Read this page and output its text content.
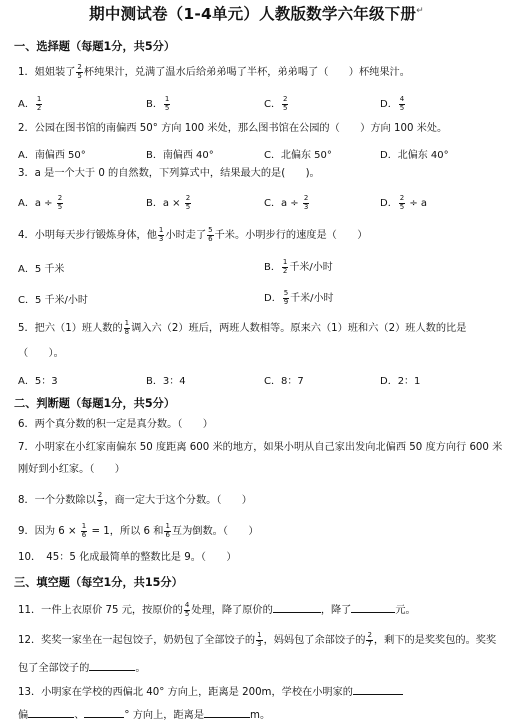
期中测试卷（1-4单元）人教版数学六年级下册↵
一、选择题（每题1分，共5分）
1．姐姐装了 $\frac{2}{5}$ 杯纯果汁，兑满了温水后给弟弟喝了半杯，弟弟喝了（　　）杯纯果汁。
A． $\frac{1}{2}$	B． $\frac{1}{5}$	C． $\frac{2}{5}$	D． $\frac{4}{5}$
2．公园在图书馆的南偏西 50° 方向 100 米处，那么图书馆在公园的（　　）方向 100 米处。
A．南偏西 50°	B．南偏西 40°	C．北偏东 50°	D．北偏东 40°
3．a 是一个大于 0 的自然数，下列算式中，结果最大的是(　　)。
A．$a \div \frac{2}{5}$	B．$a \times \frac{2}{5}$	C．$a \div \frac{2}{3}$	D． $\frac{2}{5} \div a$
4．小明每天步行锻炼身体，他 $\frac{1}{3}$ 小时走了 $\frac{5}{6}$ 千米。小明步行的速度是（　　）
A．5 千米	B． $\frac{1}{2}$ 千米/小时
C．5 千米/小时	D． $\frac{5}{9}$ 千米/小时
5．把六（1）班人数的 $\frac{1}{8}$ 调入六（2）班后，两班人数相等。原来六（1）班和六（2）班人数的比是
（　　）。
A．5：3	B．3：4	C．8：7	D．2：1
二、判断题（每题1分，共5分）
6．两个真分数的积一定是真分数。（　　）
7．小明家在小红家南偏东 50 度距离 600 米的地方，如果小明从自己家出发向北偏西 50 度方向行 600 米
刚好到小红家。（　　）
8．一个分数除以 $\frac{2}{3}$ ，商一定大于这个分数。（　　）
9．因为 $6 \times \frac{1}{6} = 1$，所以 6 和 $\frac{1}{6}$ 互为倒数。（　　）
10．　45：5 化成最简单的整数比是 9。（　　）
三、填空题（每空1分，共15分）
11．一件上衣原价 75 元，按原价的 $\frac{4}{5}$ 处理，降了原价的	，降了	元。
12．奖奖一家坐在一起包饺子，奶奶包了全部饺子的 $\frac{1}{3}$ ，妈妈包了余部饺子的 $\frac{2}{7}$ ，剩下的是奖奖包的。奖奖
包了全部饺子的	。
13．小明家在学校的西偏北 40° 方向上，距离是 200m，学校在小明家的
偏	、	° 方向上，距离是	m。
